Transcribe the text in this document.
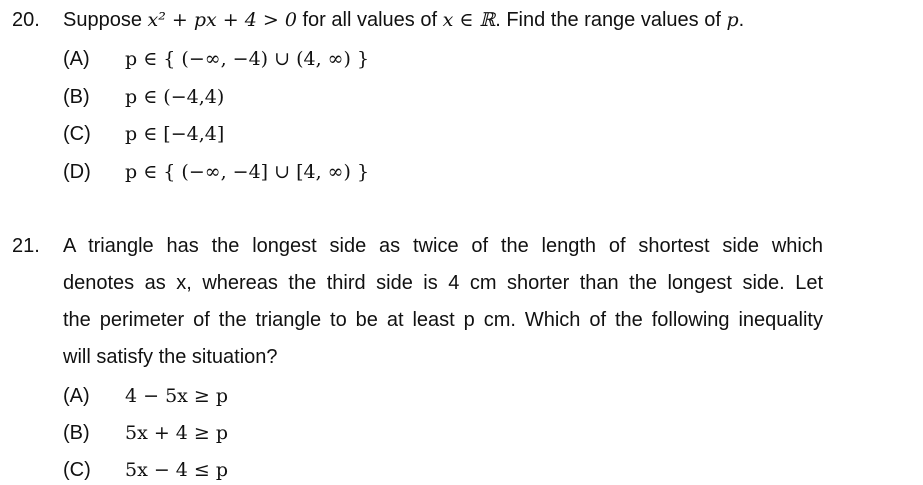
20. Suppose x² + px + 4 > 0 for all values of x ∈ ℝ. Find the range values of p.
(A) p ∈ { (−∞, −4) ∪ (4, ∞) }
(B) p ∈ (−4,4)
(C) p ∈ [−4,4]
(D) p ∈ { (−∞, −4] ∪ [4, ∞) }
21. A triangle has the longest side as twice of the length of shortest side which
denotes as x, whereas the third side is 4 cm shorter than the longest side. Let
the perimeter of the triangle to be at least p cm. Which of the following inequality
will satisfy the situation?
(A) 4 − 5x ≥ p
(B) 5x + 4 ≥ p
(C) 5x − 4 ≤ p
